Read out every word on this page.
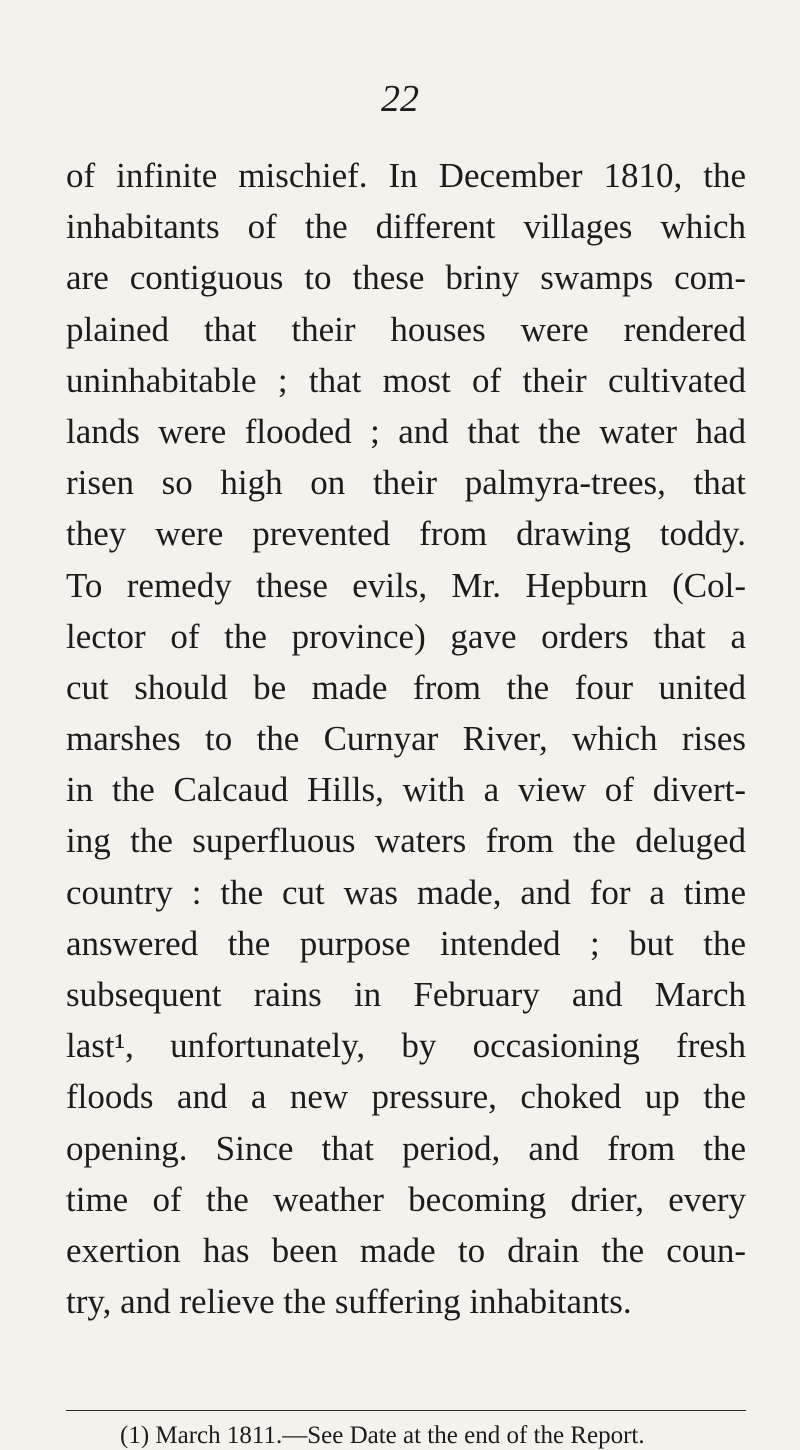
22
of infinite mischief. In December 1810, the
inhabitants of the different villages which
are contiguous to these briny swamps com-
plained that their houses were rendered
uninhabitable ; that most of their cultivated
lands were flooded ; and that the water had
risen so high on their palmyra-trees, that
they were prevented from drawing toddy.
To remedy these evils, Mr. Hepburn (Col-
lector of the province) gave orders that a
cut should be made from the four united
marshes to the Curnyar River, which rises
in the Calcaud Hills, with a view of divert-
ing the superfluous waters from the deluged
country : the cut was made, and for a time
answered the purpose intended ; but the
subsequent rains in February and March
last¹, unfortunately, by occasioning fresh
floods and a new pressure, choked up the
opening. Since that period, and from the
time of the weather becoming drier, every
exertion has been made to drain the coun-
try, and relieve the suffering inhabitants.
(1) March 1811.—See Date at the end of the Report.
